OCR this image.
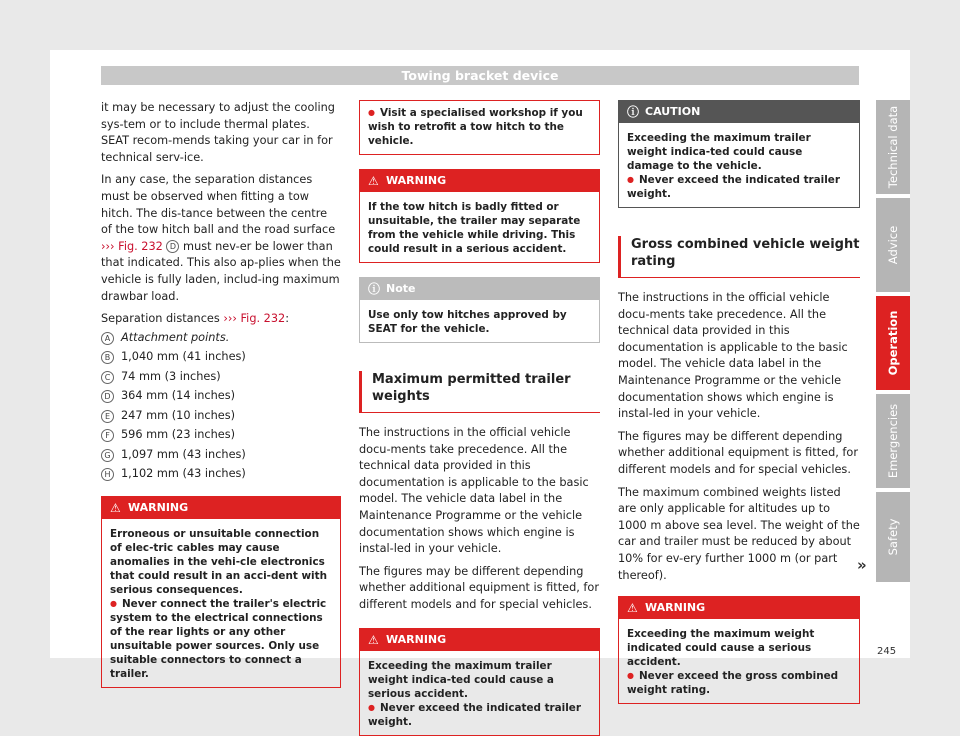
Towing bracket device

it may be necessary to adjust the cooling sys-tem or to include thermal plates. SEAT recom-mends taking your car in for technical serv-ice.

In any case, the separation distances must be observed when fitting a tow hitch. The dis-tance between the centre of the tow hitch ball and the road surface ››› Fig. 232 D must nev-er be lower than that indicated. This also ap-plies when the vehicle is fully laden, includ-ing maximum drawbar load.

Separation distances ››› Fig. 232:

A Attachment points.
B 1,040 mm (41 inches)
C 74 mm (3 inches)
D 364 mm (14 inches)
E 247 mm (10 inches)
F 596 mm (23 inches)
G 1,097 mm (43 inches)
H 1,102 mm (43 inches)
⚠ WARNING
Erroneous or unsuitable connection of elec-tric cables may cause anomalies in the vehi-cle electronics that could result in an acci-dent with serious consequences.
● Never connect the trailer's electric system to the electrical connections of the rear lights or any other unsuitable power sources. Only use suitable connectors to connect a trailer.
● Visit a specialised workshop if you wish to retrofit a tow hitch to the vehicle.
⚠ WARNING
If the tow hitch is badly fitted or unsuitable, the trailer may separate from the vehicle while driving. This could result in a serious accident.
ⓘ Note
Use only tow hitches approved by SEAT for the vehicle.
Maximum permitted trailer weights

The instructions in the official vehicle docu-ments take precedence. All the technical data provided in this documentation is applicable to the basic model. The vehicle data label in the Maintenance Programme or the vehicle documentation shows which engine is instal-led in your vehicle.

The figures may be different depending whether additional equipment is fitted, for different models and for special vehicles.

⚠ WARNING
Exceeding the maximum trailer weight indica-ted could cause a serious accident.
● Never exceed the indicated trailer weight.
ⓘ CAUTION
Exceeding the maximum trailer weight indica-ted could cause damage to the vehicle.
● Never exceed the indicated trailer weight.
Gross combined vehicle weight rating

The instructions in the official vehicle docu-ments take precedence. All the technical data provided in this documentation is applicable to the basic model. The vehicle data label in the Maintenance Programme or the vehicle documentation shows which engine is instal-led in your vehicle.

The figures may be different depending whether additional equipment is fitted, for different models and for special vehicles.

The maximum combined weights listed are only applicable for altitudes up to 1000 m above sea level. The weight of the car and trailer must be reduced by about 10% for ev-ery further 1000 m (or part thereof).

⚠ WARNING
Exceeding the maximum weight indicated could cause a serious accident.
● Never exceed the gross combined weight rating.
»
Technical data
Advice
Operation
Emergencies
Safety
245
